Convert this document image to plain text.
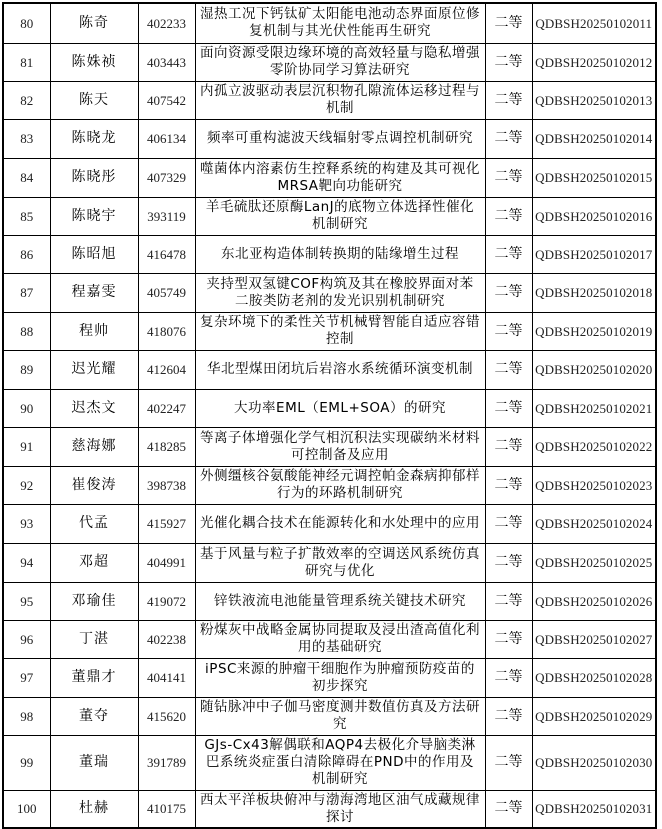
80	陈奇	402233	湿热工况下钙钛矿太阳能电池动态界面原位修复机制与其光伏性能再生研究	二等	QDBSH20250102011
81	陈姝祯	403443	面向资源受限边缘环境的高效轻量与隐私增强零阶协同学习算法研究	二等	QDBSH20250102012
82	陈天	407542	内孤立波驱动表层沉积物孔隙流体运移过程与机制	二等	QDBSH20250102013
83	陈晓龙	406134	频率可重构滤波天线辐射零点调控机制研究	二等	QDBSH20250102014
84	陈晓彤	407329	噬菌体内溶素仿生控释系统的构建及其可视化MRSA靶向功能研究	二等	QDBSH20250102015
85	陈晓宇	393119	羊毛硫肽还原酶LanJ的底物立体选择性催化机制研究	二等	QDBSH20250102016
86	陈昭旭	416478	东北亚构造体制转换期的陆缘增生过程	二等	QDBSH20250102017
87	程嘉雯	405749	夹持型双氢键COF构筑及其在橡胶界面对苯二胺类防老剂的发光识别机制研究	二等	QDBSH20250102018
88	程帅	418076	复杂环境下的柔性关节机械臂智能自适应容错控制	二等	QDBSH20250102019
89	迟光耀	412604	华北型煤田闭坑后岩溶水系统循环演变机制	二等	QDBSH20250102020
90	迟杰文	402247	大功率EML（EML+SOA）的研究	二等	QDBSH20250102021
91	慈海娜	418285	等离子体增强化学气相沉积法实现碳纳米材料可控制备及应用	二等	QDBSH20250102022
92	崔俊涛	398738	外侧缰核谷氨酸能神经元调控帕金森病抑郁样行为的环路机制研究	二等	QDBSH20250102023
93	代孟	415927	光催化耦合技术在能源转化和水处理中的应用	二等	QDBSH20250102024
94	邓超	404991	基于风量与粒子扩散效率的空调送风系统仿真研究与优化	二等	QDBSH20250102025
95	邓瑜佳	419072	锌铁液流电池能量管理系统关键技术研究	二等	QDBSH20250102026
96	丁湛	402238	粉煤灰中战略金属协同提取及浸出渣高值化利用的基础研究	二等	QDBSH20250102027
97	董鼎才	404141	iPSC来源的肿瘤干细胞作为肿瘤预防疫苗的初步探究	二等	QDBSH20250102028
98	董夺	415620	随钻脉冲中子伽马密度测井数值仿真及方法研究	二等	QDBSH20250102029
99	董瑞	391789	GJs-Cx43解偶联和AQP4去极化介导脑类淋巴系统炎症蛋白清除障碍在PND中的作用及机制研究	二等	QDBSH20250102030
100	杜赫	410175	西太平洋板块俯冲与渤海湾地区油气成藏规律探讨	二等	QDBSH20250102031
